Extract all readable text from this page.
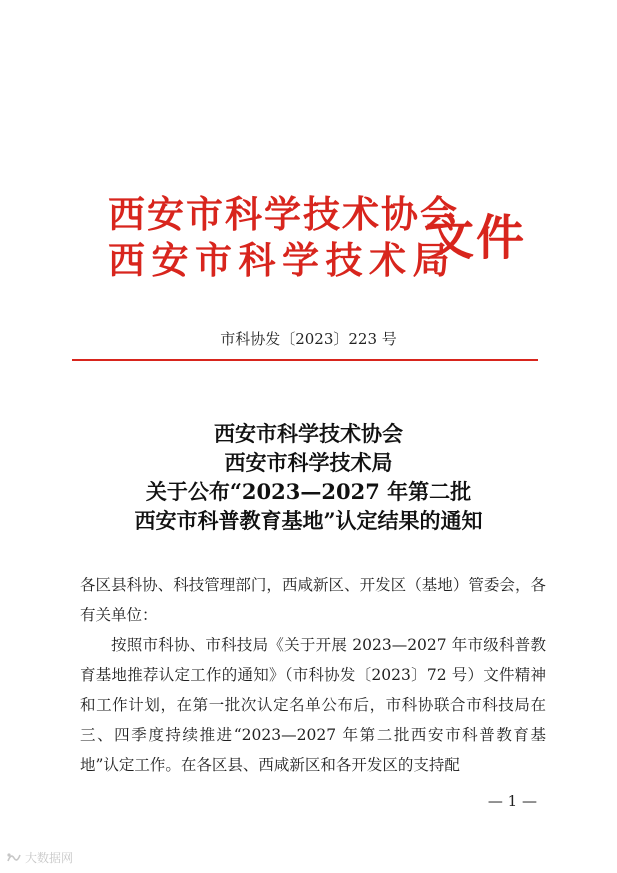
西安市科学技术协会
西安市科学技术局
文件
市科协发〔2023〕223 号
西安市科学技术协会
西安市科学技术局
关于公布“2023—2027 年第二批
西安市科普教育基地”认定结果的通知

各区县科协、科技管理部门，西咸新区、开发区（基地）管委会，各有关单位：

按照市科协、市科技局《关于开展 2023—2027 年市级科普教育基地推荐认定工作的通知》（市科协发〔2023〕72 号）文件精神和工作计划，在第一批次认定名单公布后，市科协联合市科技局在三、四季度持续推进“2023—2027 年第二批西安市科普教育基地”认定工作。在各区县、西咸新区和各开发区的支持配

— 1 —
大数据网
